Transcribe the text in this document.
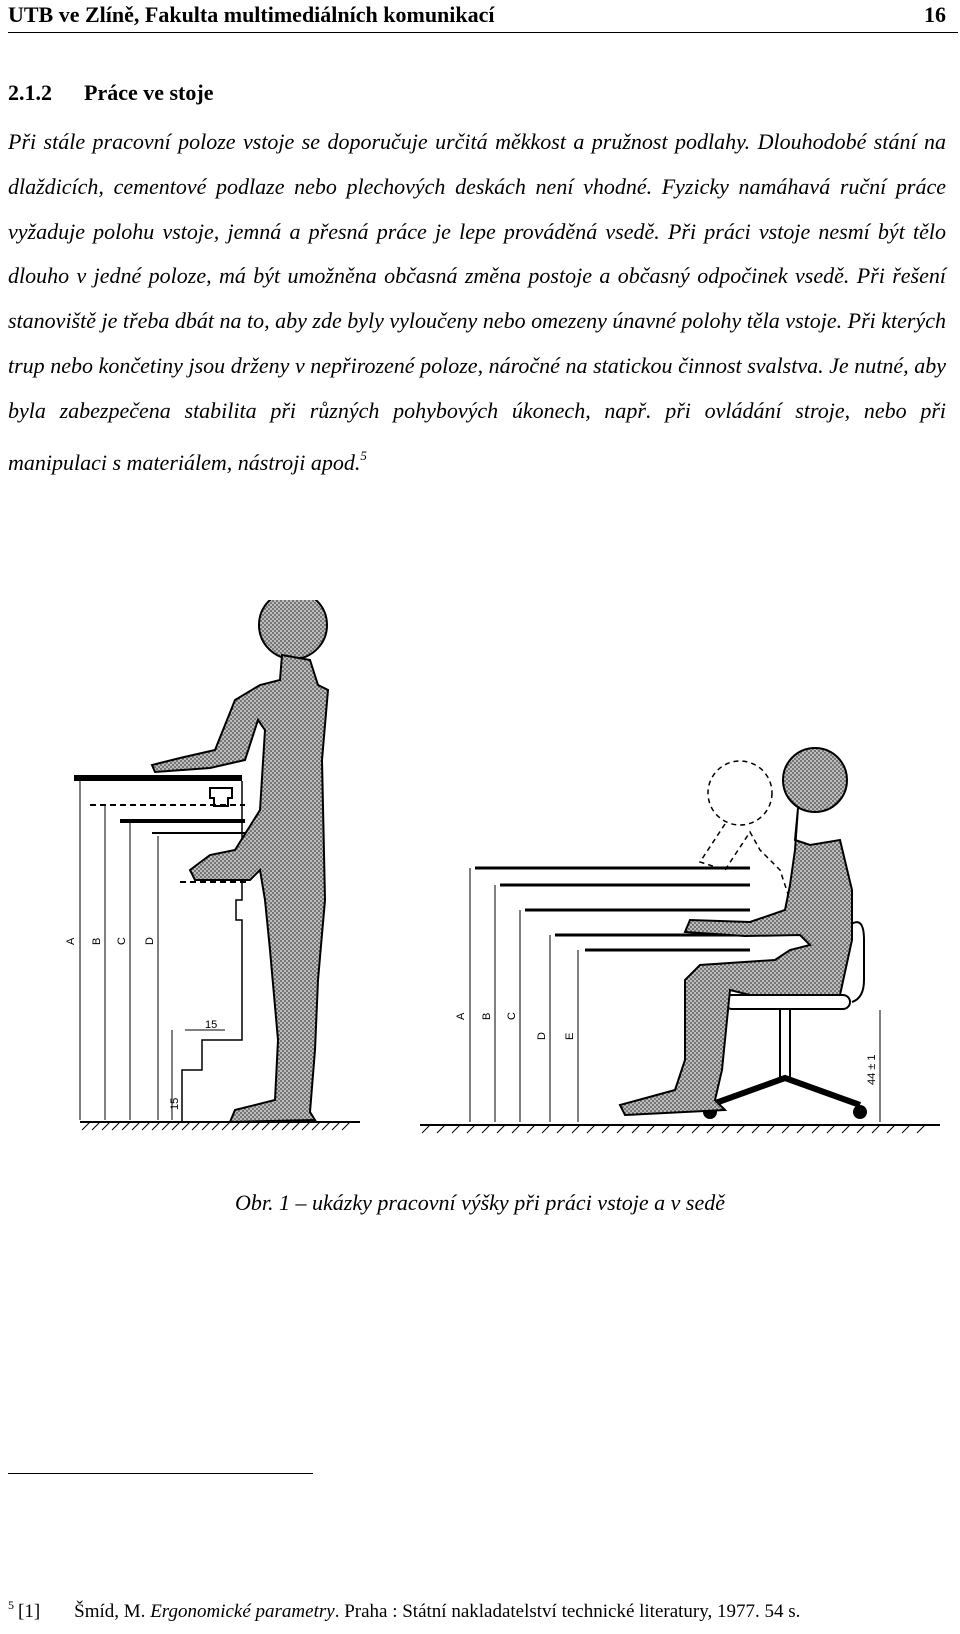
UTB ve Zlíně, Fakulta multimediálních komunikací	16
2.1.2 Práce ve stoje
Při stále pracovní poloze vstoje se doporučuje určitá měkkost a pružnost podlahy. Dlouhodobé stání na dlaždicích, cementové podlaze nebo plechových deskách není vhodné. Fyzicky namáhavá ruční práce vyžaduje polohu vstoje, jemná a přesná práce je lepe prováděná vsedě. Při práci vstoje nesmí být tělo dlouho v jedné poloze, má být umožněna občasná změna postoje a občasný odpočinek vsedě. Při řešení stanoviště je třeba dbát na to, aby zde byly vyloučeny nebo omezeny únavné polohy těla vstoje. Při kterých trup nebo končetiny jsou drženy v nepřirozené poloze, náročné na statickou činnost svalstva. Je nutné, aby byla zabezpečena stabilita při různých pohybových úkonech, např. při ovládání stroje, nebo při manipulaci s materiálem, nástroji apod.$^5$
A B C D
15
15
A B C
D E
44 ± 1
Obr. 1 – ukázky pracovní výšky při práci vstoje a v sedě
$^5$ [1] Šmíd, M. Ergonomické parametry. Praha : Státní nakladatelství technické literatury, 1977. 54 s.
